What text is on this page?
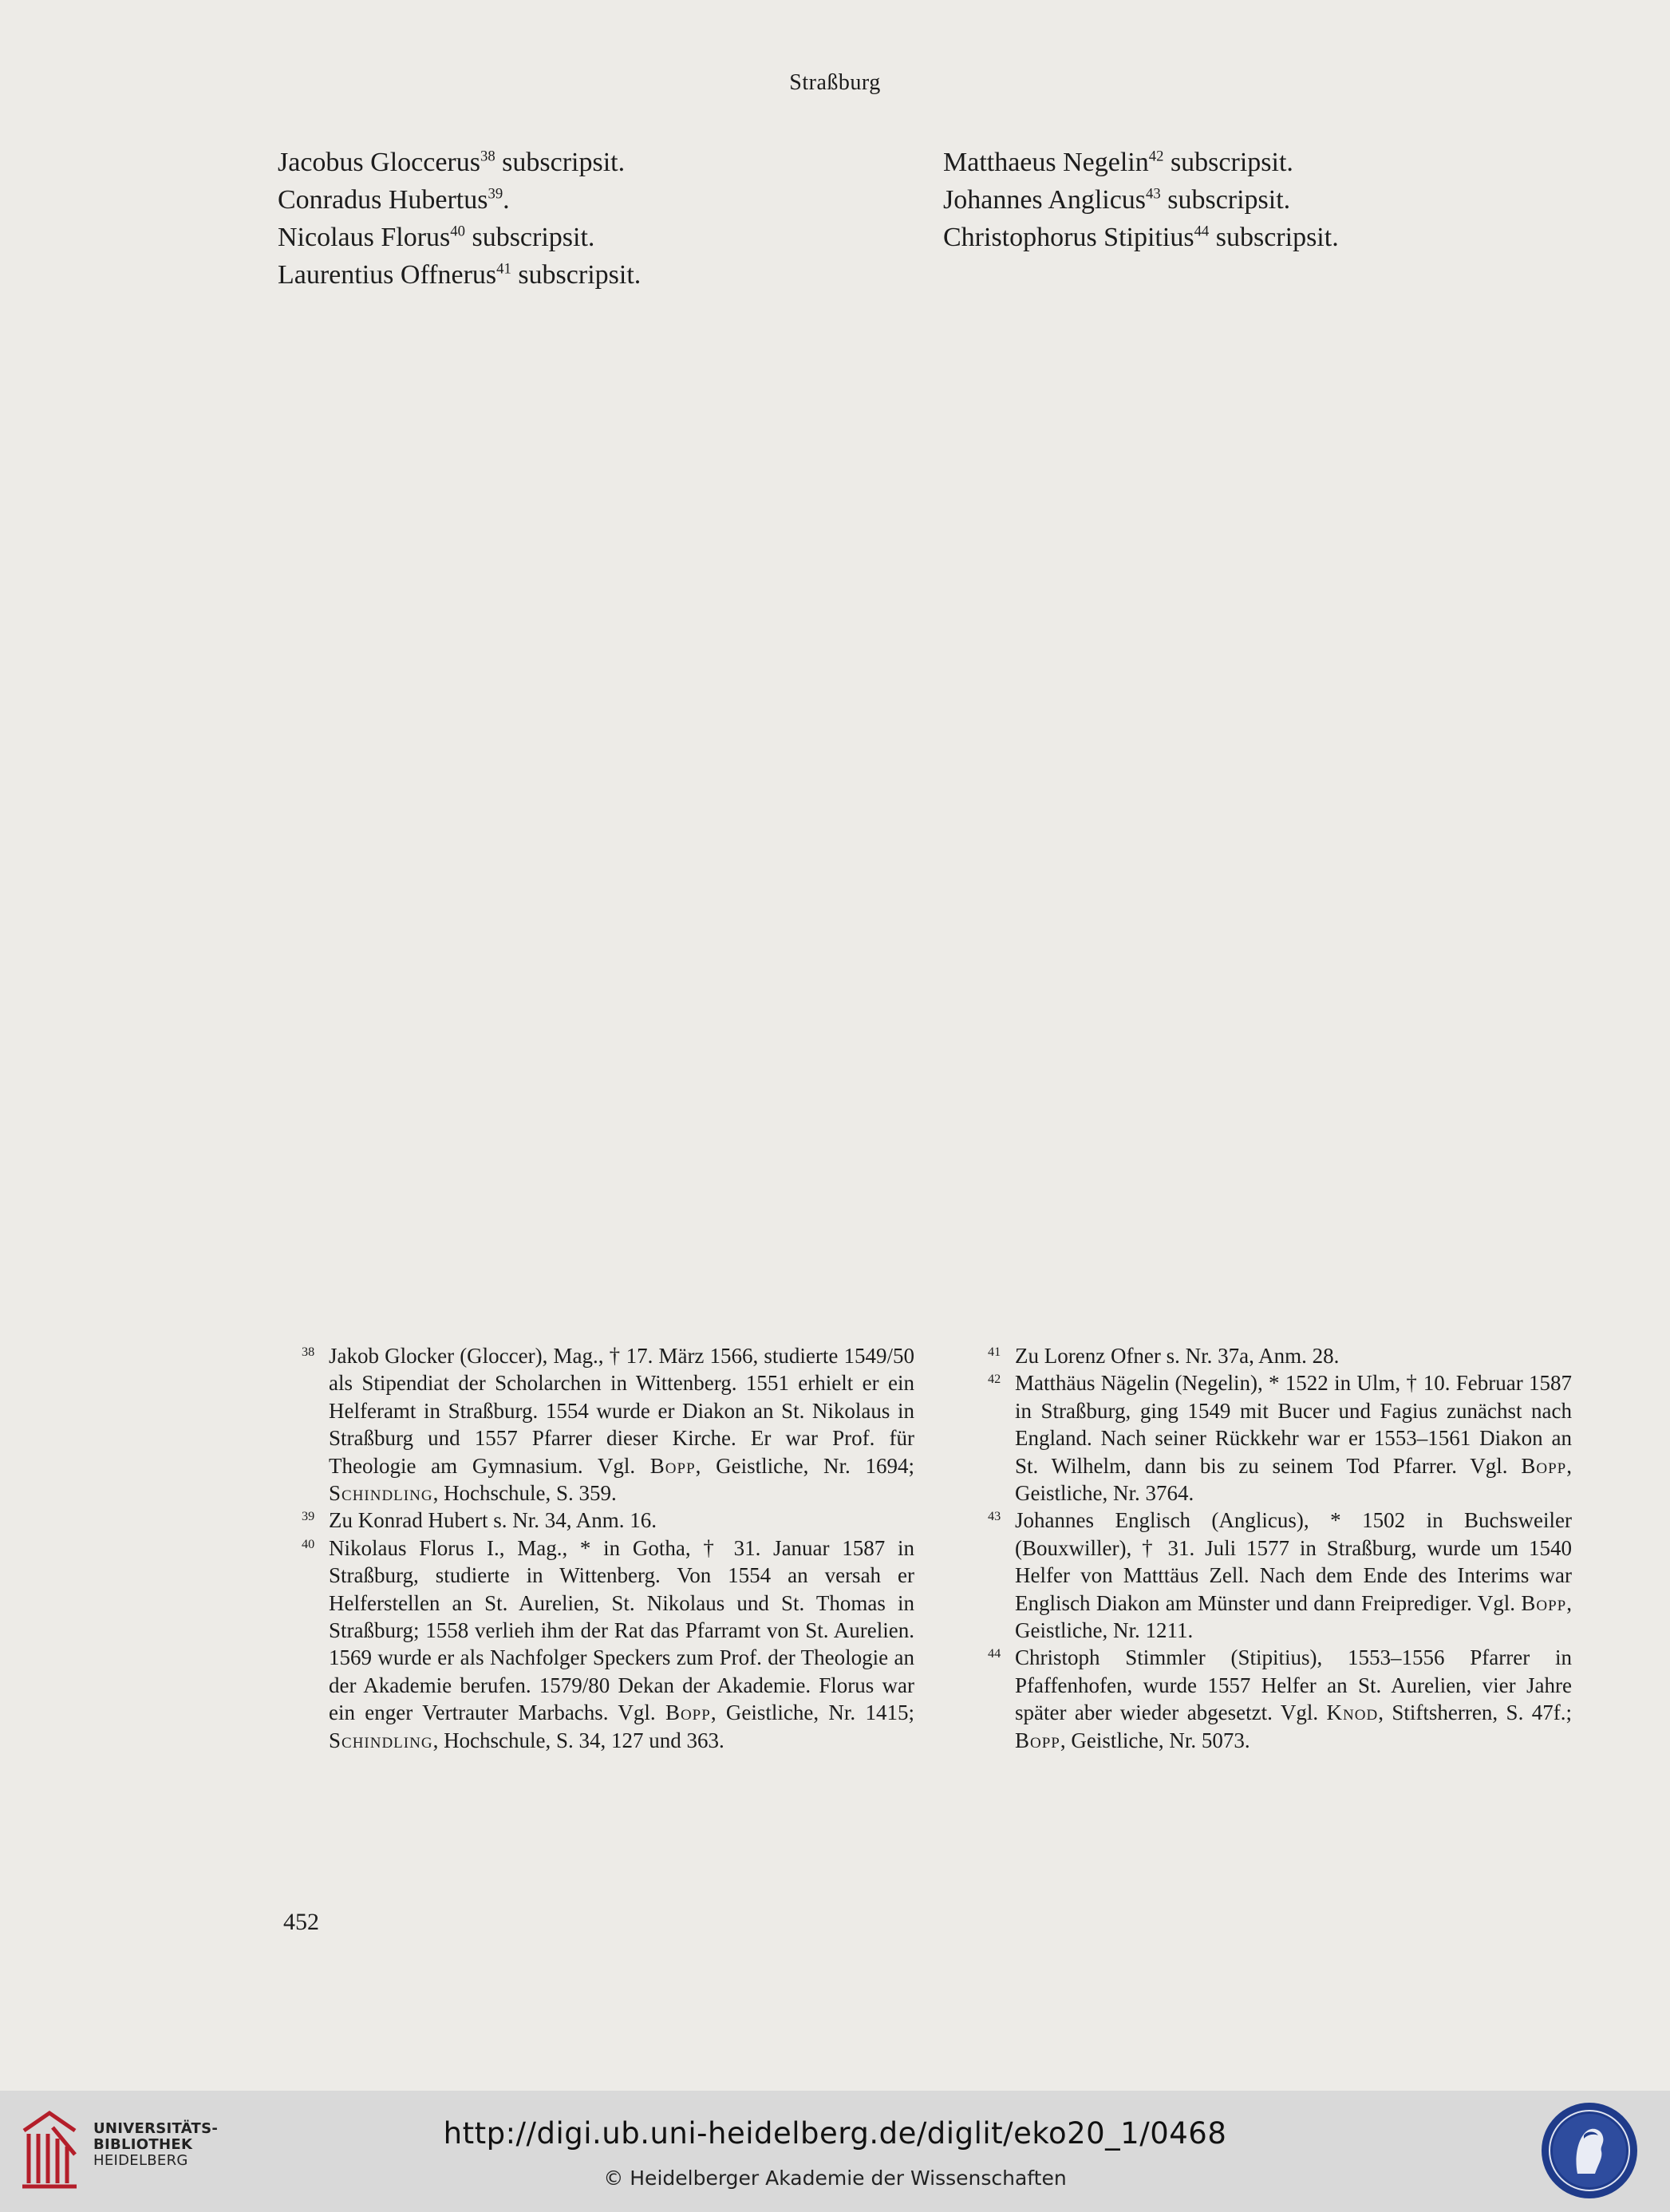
Straßburg
Jacobus Gloccerus$^{38}$ subscripsit.
Conradus Hubertus$^{39}$.
Nicolaus Florus$^{40}$ subscripsit.
Laurentius Offnerus$^{41}$ subscripsit.
Matthaeus Negelin$^{42}$ subscripsit.
Johannes Anglicus$^{43}$ subscripsit.
Christophorus Stipitius$^{44}$ subscripsit.
38 Jakob Glocker (Gloccer), Mag., † 17. März 1566, studierte 1549/50 als Stipendiat der Scholarchen in Wittenberg. 1551 erhielt er ein Helferamt in Straßburg. 1554 wurde er Diakon an St. Nikolaus in Straßburg und 1557 Pfarrer dieser Kirche. Er war Prof. für Theologie am Gymnasium. Vgl. Bopp, Geistliche, Nr. 1694; Schindling, Hochschule, S. 359.
39 Zu Konrad Hubert s. Nr. 34, Anm. 16.
40 Nikolaus Florus I., Mag., * in Gotha, † 31. Januar 1587 in Straßburg, studierte in Wittenberg. Von 1554 an versah er Helferstellen an St. Aurelien, St. Nikolaus und St. Thomas in Straßburg; 1558 verlieh ihm der Rat das Pfarramt von St. Aurelien. 1569 wurde er als Nachfolger Speckers zum Prof. der Theologie an der Akademie berufen. 1579/80 Dekan der Akademie. Florus war ein enger Vertrauter Marbachs. Vgl. Bopp, Geistliche, Nr. 1415; Schindling, Hochschule, S. 34, 127 und 363.
41 Zu Lorenz Ofner s. Nr. 37a, Anm. 28.
42 Matthäus Nägelin (Negelin), * 1522 in Ulm, † 10. Februar 1587 in Straßburg, ging 1549 mit Bucer und Fagius zunächst nach England. Nach seiner Rückkehr war er 1553–1561 Diakon an St. Wilhelm, dann bis zu seinem Tod Pfarrer. Vgl. Bopp, Geistliche, Nr. 3764.
43 Johannes Englisch (Anglicus), * 1502 in Buchsweiler (Bouxwiller), † 31. Juli 1577 in Straßburg, wurde um 1540 Helfer von Matttäus Zell. Nach dem Ende des Interims war Englisch Diakon am Münster und dann Freiprediger. Vgl. Bopp, Geistliche, Nr. 1211.
44 Christoph Stimmler (Stipitius), 1553–1556 Pfarrer in Pfaffenhofen, wurde 1557 Helfer an St. Aurelien, vier Jahre später aber wieder abgesetzt. Vgl. Knod, Stiftsherren, S. 47f.; Bopp, Geistliche, Nr. 5073.
452
UNIVERSITÄTS-
BIBLIOTHEK
HEIDELBERG
http://digi.ub.uni-heidelberg.de/diglit/eko20_1/0468
© Heidelberger Akademie der Wissenschaften
